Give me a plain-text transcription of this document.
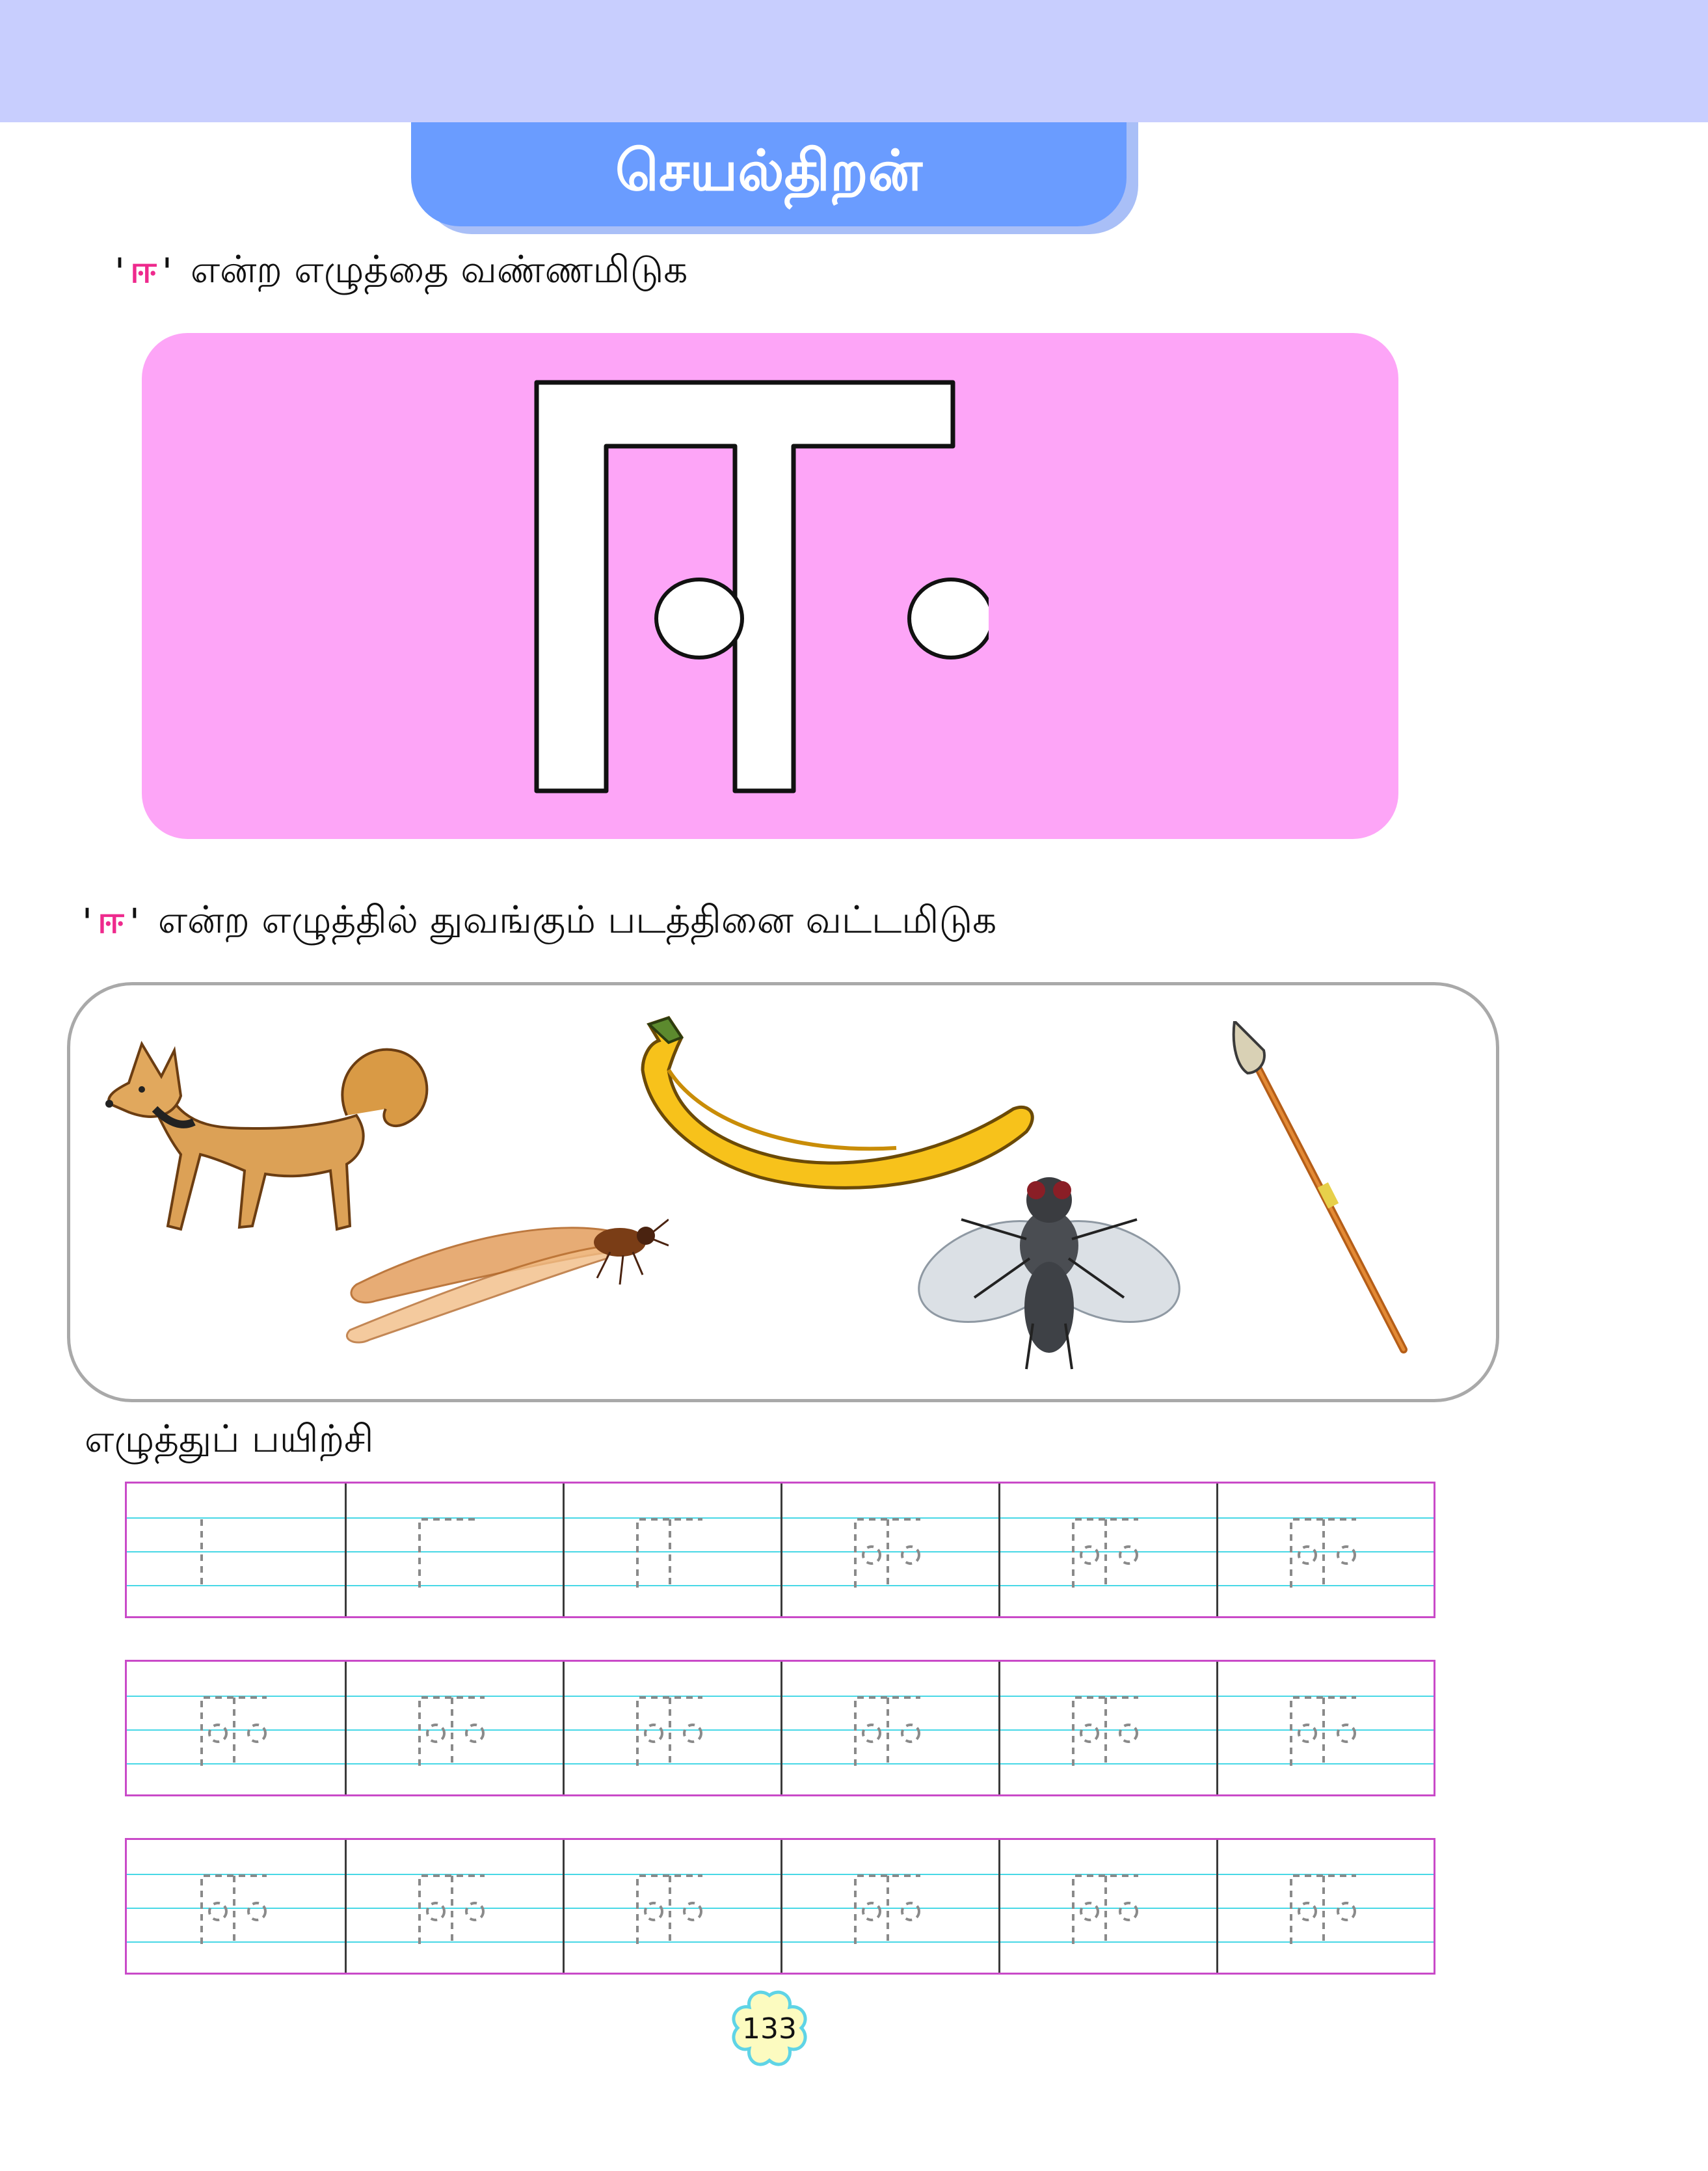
செயல்திறன்
' ஈ ' என்ற எழுத்தை வண்ணமிடுக
' ஈ ' என்ற எழுத்தில் துவங்கும் படத்தினை வட்டமிடுக
எழுத்துப் பயிற்சி
133
